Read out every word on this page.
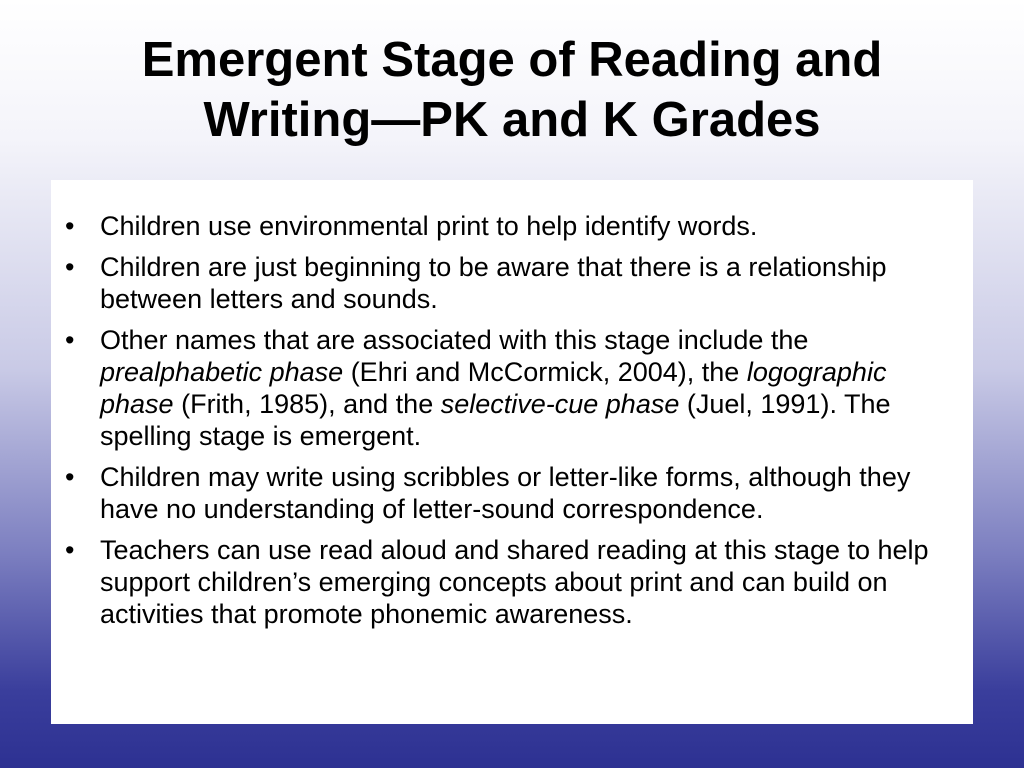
Emergent Stage of Reading and
Writing—PK and K Grades
• Children use environmental print to help identify words.
• Children are just beginning to be aware that there is a relationship between letters and sounds.
• Other names that are associated with this stage include the prealphabetic phase (Ehri and McCormick, 2004), the logographic phase (Frith, 1985), and the selective-cue phase (Juel, 1991). The spelling stage is emergent.
• Children may write using scribbles or letter-like forms, although they have no understanding of letter-sound correspondence.
• Teachers can use read aloud and shared reading at this stage to help support children’s emerging concepts about print and can build on activities that promote phonemic awareness.
